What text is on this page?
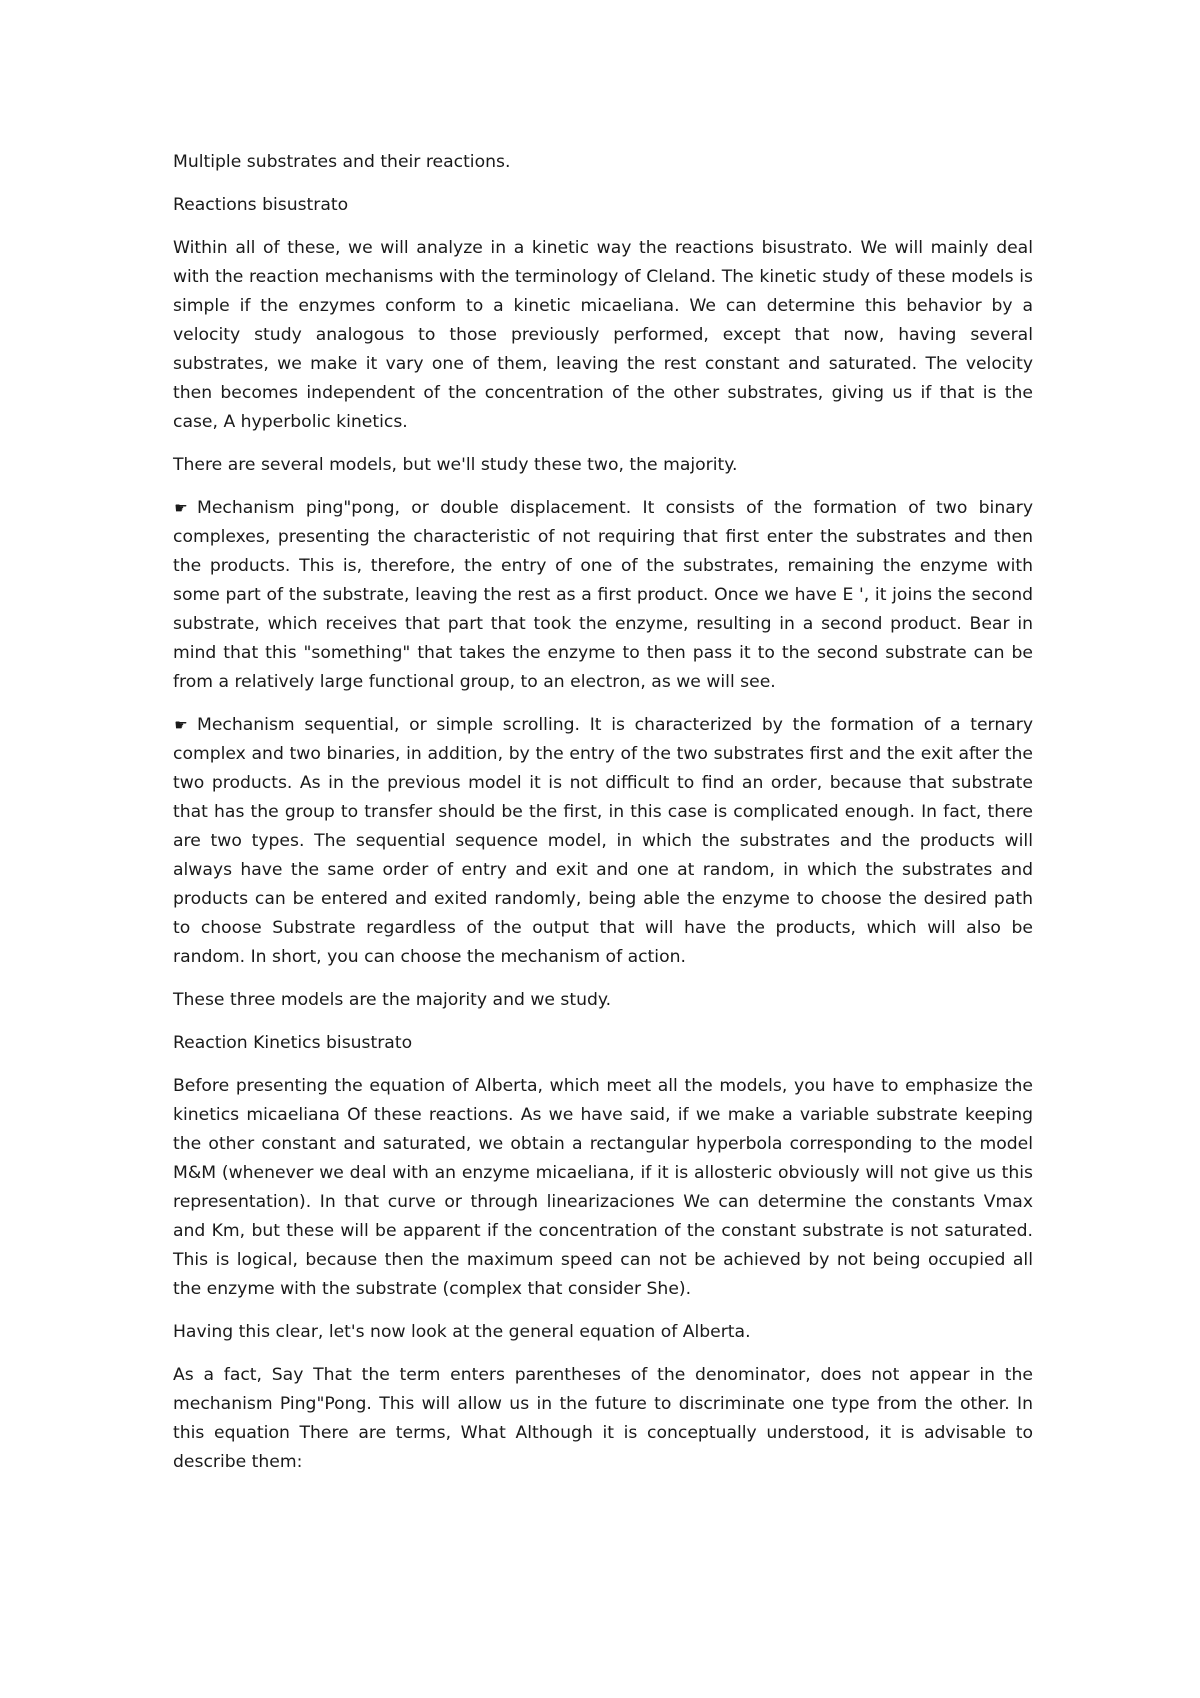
Multiple substrates and their reactions.

Reactions bisustrato

Within all of these, we will analyze in a kinetic way the reactions bisustrato. We will mainly deal with the reaction mechanisms with the terminology of Cleland. The kinetic study of these models is simple if the enzymes conform to a kinetic micaeliana. We can determine this behavior by a velocity study analogous to those previously performed, except that now, having several substrates, we make it vary one of them, leaving the rest constant and saturated. The velocity then becomes independent of the concentration of the other substrates, giving us if that is the case, A hyperbolic kinetics.

There are several models, but we'll study these two, the majority.

☛ Mechanism ping"pong, or double displacement. It consists of the formation of two binary complexes, presenting the characteristic of not requiring that first enter the substrates and then the products. This is, therefore, the entry of one of the substrates, remaining the enzyme with some part of the substrate, leaving the rest as a first product. Once we have E ', it joins the second substrate, which receives that part that took the enzyme, resulting in a second product. Bear in mind that this "something" that takes the enzyme to then pass it to the second substrate can be from a relatively large functional group, to an electron, as we will see.

☛ Mechanism sequential, or simple scrolling. It is characterized by the formation of a ternary complex and two binaries, in addition, by the entry of the two substrates first and the exit after the two products. As in the previous model it is not difficult to find an order, because that substrate that has the group to transfer should be the first, in this case is complicated enough. In fact, there are two types. The sequential sequence model, in which the substrates and the products will always have the same order of entry and exit and one at random, in which the substrates and products can be entered and exited randomly, being able the enzyme to choose the desired path to choose Substrate regardless of the output that will have the products, which will also be random. In short, you can choose the mechanism of action.

These three models are the majority and we study.

Reaction Kinetics bisustrato

Before presenting the equation of Alberta, which meet all the models, you have to emphasize the kinetics micaeliana Of these reactions. As we have said, if we make a variable substrate keeping the other constant and saturated, we obtain a rectangular hyperbola corresponding to the model M&M (whenever we deal with an enzyme micaeliana, if it is allosteric obviously will not give us this representation). In that curve or through linearizaciones We can determine the constants Vmax and Km, but these will be apparent if the concentration of the constant substrate is not saturated. This is logical, because then the maximum speed can not be achieved by not being occupied all the enzyme with the substrate (complex that consider She).

Having this clear, let's now look at the general equation of Alberta.

As a fact, Say That the term enters parentheses of the denominator, does not appear in the mechanism Ping"Pong. This will allow us in the future to discriminate one type from the other. In this equation There are terms, What Although it is conceptually understood, it is advisable to describe them:
